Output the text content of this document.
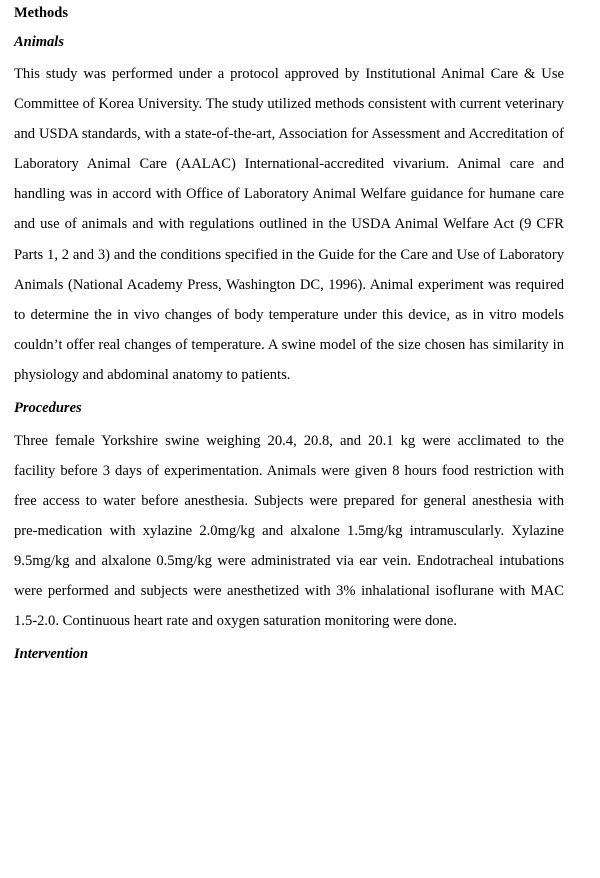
Methods
Animals

This study was performed under a protocol approved by Institutional Animal Care & Use Committee of Korea University. The study utilized methods consistent with current veterinary and USDA standards, with a state-of-the-art, Association for Assessment and Accreditation of Laboratory Animal Care (AALAC) International-accredited vivarium. Animal care and handling was in accord with Office of Laboratory Animal Welfare guidance for humane care and use of animals and with regulations outlined in the USDA Animal Welfare Act (9 CFR Parts 1, 2 and 3) and the conditions specified in the Guide for the Care and Use of Laboratory Animals (National Academy Press, Washington DC, 1996). Animal experiment was required to determine the in vivo changes of body temperature under this device, as in vitro models couldn’t offer real changes of temperature. A swine model of the size chosen has similarity in physiology and abdominal anatomy to patients.

Procedures

Three female Yorkshire swine weighing 20.4, 20.8, and 20.1 kg were acclimated to the facility before 3 days of experimentation. Animals were given 8 hours food restriction with free access to water before anesthesia. Subjects were prepared for general anesthesia with pre-medication with xylazine 2.0mg/kg and alxalone 1.5mg/kg intramuscularly. Xylazine 9.5mg/kg and alxalone 0.5mg/kg were administrated via ear vein. Endotracheal intubations were performed and subjects were anesthetized with 3% inhalational isoflurane with MAC 1.5-2.0. Continuous heart rate and oxygen saturation monitoring were done.

Intervention
